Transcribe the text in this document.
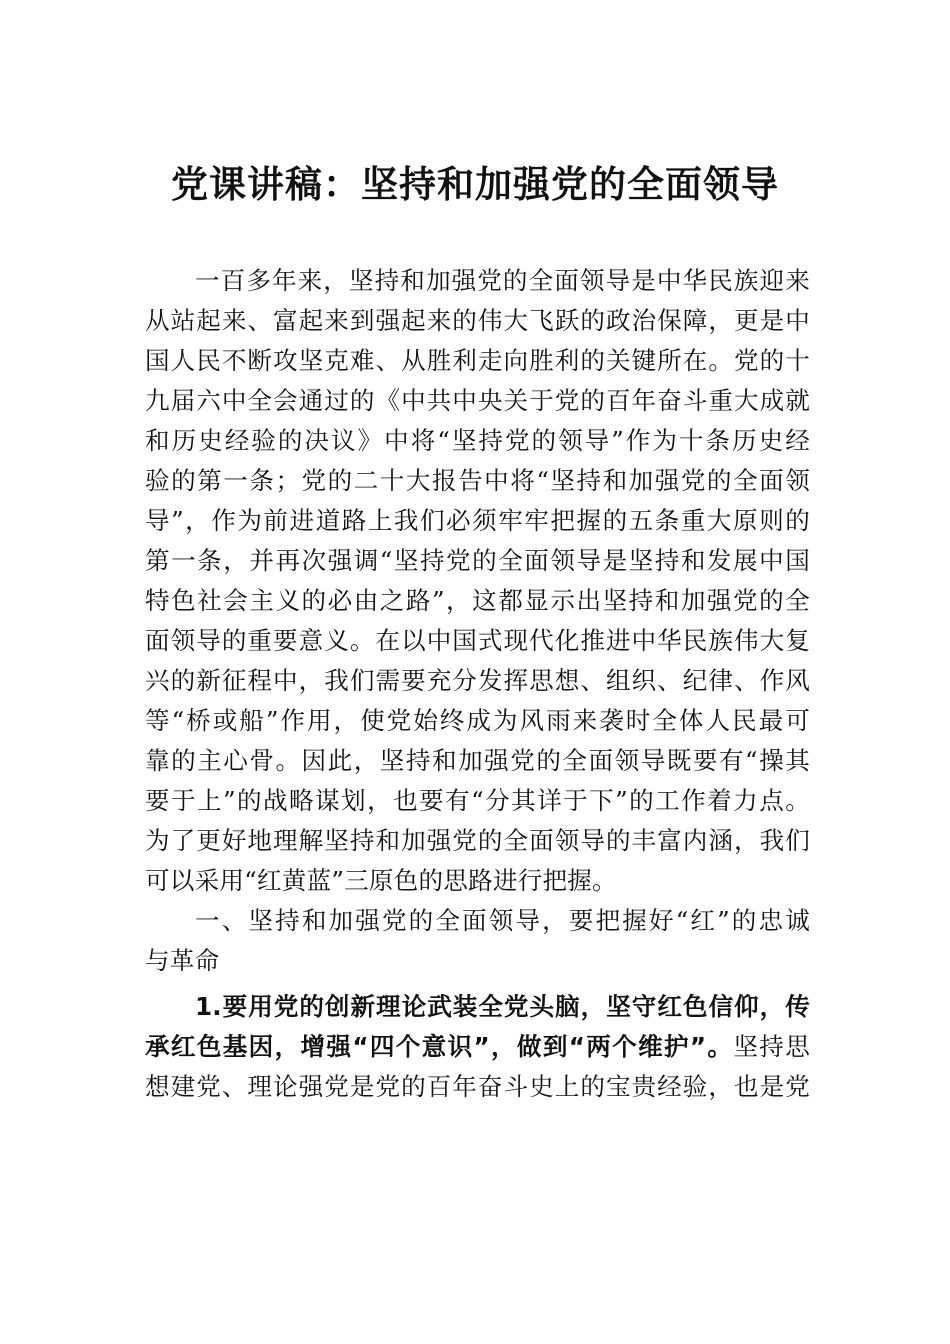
党课讲稿：坚持和加强党的全面领导
一百多年来，坚持和加强党的全面领导是中华民族迎来
从站起来、富起来到强起来的伟大飞跃的政治保障，更是中
国人民不断攻坚克难、从胜利走向胜利的关键所在。党的十
九届六中全会通过的《中共中央关于党的百年奋斗重大成就
和历史经验的决议》中将“坚持党的领导”作为十条历史经
验的第一条；党的二十大报告中将“坚持和加强党的全面领
导”，作为前进道路上我们必须牢牢把握的五条重大原则的
第一条，并再次强调“坚持党的全面领导是坚持和发展中国
特色社会主义的必由之路”，这都显示出坚持和加强党的全
面领导的重要意义。在以中国式现代化推进中华民族伟大复
兴的新征程中，我们需要充分发挥思想、组织、纪律、作风
等“桥或船”作用，使党始终成为风雨来袭时全体人民最可
靠的主心骨。因此，坚持和加强党的全面领导既要有“操其
要于上”的战略谋划，也要有“分其详于下”的工作着力点。
为了更好地理解坚持和加强党的全面领导的丰富内涵，我们
可以采用“红黄蓝”三原色的思路进行把握。
一、坚持和加强党的全面领导，要把握好“红”的忠诚
与革命
1.要用党的创新理论武装全党头脑，坚守红色信仰，传
承红色基因，增强“四个意识”，做到“两个维护”。坚持思
想建党、理论强党是党的百年奋斗史上的宝贵经验，也是党
